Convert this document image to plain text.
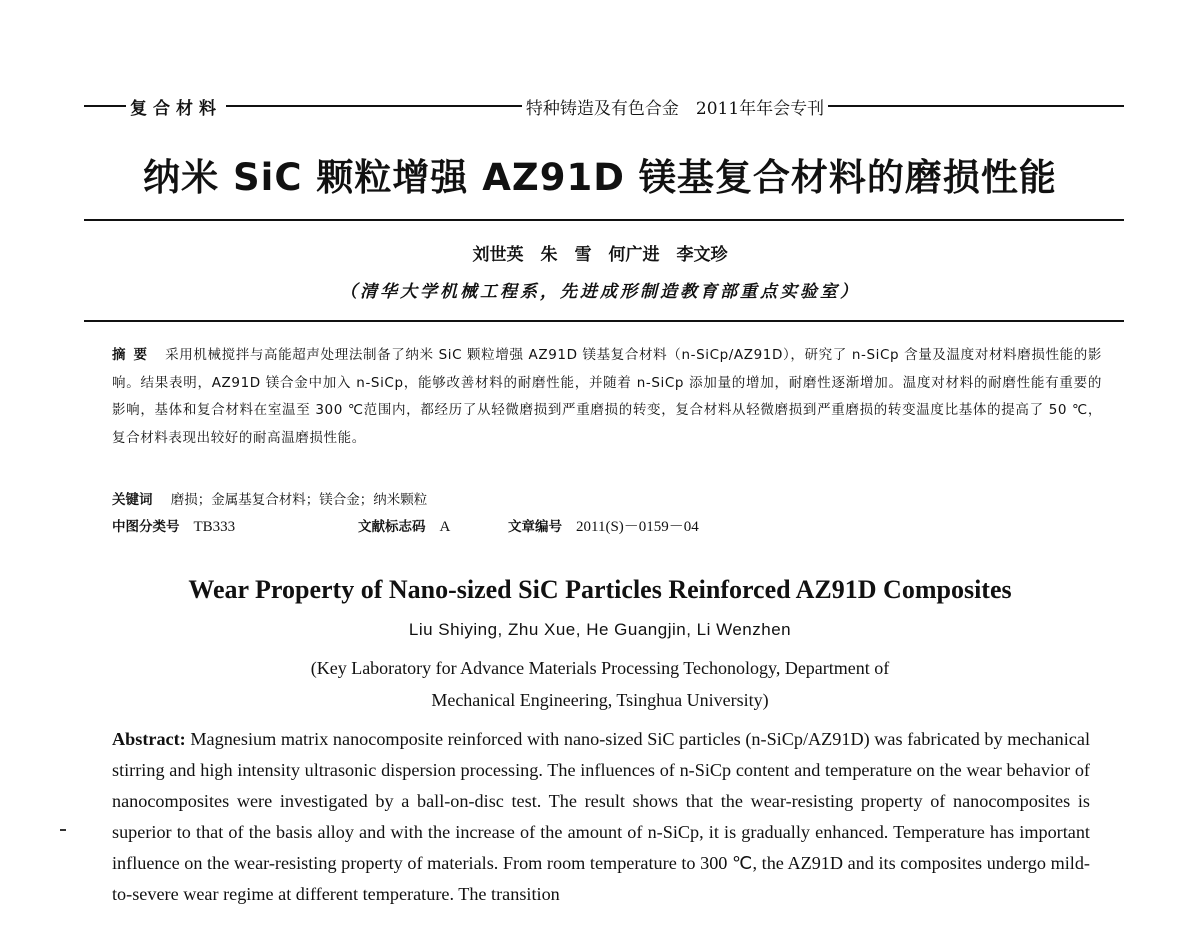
复合材料	特种铸造及有色合金　2011年年会专刊
纳米 SiC 颗粒增强 AZ91D 镁基复合材料的磨损性能
刘世英　朱　雪　何广进　李文珍
（清华大学机械工程系，先进成形制造教育部重点实验室）
摘要 采用机械搅拌与高能超声处理法制备了纳米 SiC 颗粒增强 AZ91D 镁基复合材料（n-SiCp/AZ91D），研究了 n-SiCp 含量及温度对材料磨损性能的影响。结果表明，AZ91D 镁合金中加入 n-SiCp，能够改善材料的耐磨性能，并随着 n-SiCp 添加量的增加，耐磨性逐渐增加。温度对材料的耐磨性能有重要的影响，基体和复合材料在室温至 300 ℃范围内，都经历了从轻微磨损到严重磨损的转变，复合材料从轻微磨损到严重磨损的转变温度比基体的提高了 50 ℃，复合材料表现出较好的耐高温磨损性能。
关键词 磨损；金属基复合材料；镁合金；纳米颗粒
中图分类号 TB333	文献标志码 A	文章编号 2011(S)－0159－04
Wear Property of Nano-sized SiC Particles Reinforced AZ91D Composites
Liu Shiying, Zhu Xue, He Guangjin, Li Wenzhen
(Key Laboratory for Advance Materials Processing Techonology, Department of
Mechanical Engineering, Tsinghua University)
Abstract: Magnesium matrix nanocomposite reinforced with nano-sized SiC particles (n-SiCp/AZ91D) was fabricated by mechanical stirring and high intensity ultrasonic dispersion processing. The influences of n-SiCp content and temperature on the wear behavior of nanocomposites were investigated by a ball-on-disc test. The result shows that the wear-resisting property of nanocomposites is superior to that of the basis alloy and with the increase of the amount of n-SiCp, it is gradually enhanced. Temperature has important influence on the wear-resisting property of materials. From room temperature to 300 ℃, the AZ91D and its composites undergo mild-to-severe wear regime at different temperature. The transition
